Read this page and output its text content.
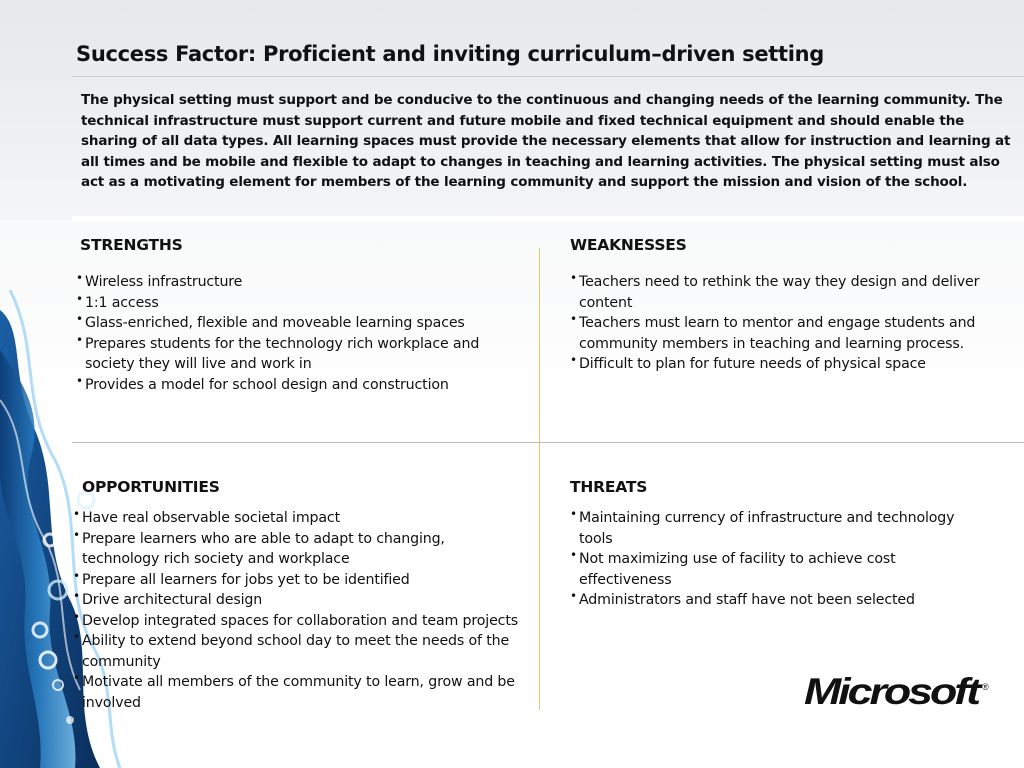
Success Factor: Proficient and inviting curriculum–driven setting
The physical setting must support and be conducive to the continuous and changing needs of the learning community. The technical infrastructure must support current and future mobile and fixed technical equipment and should enable the sharing of all data types. All learning spaces must provide the necessary elements that allow for instruction and learning at all times and be mobile and flexible to adapt to changes in teaching and learning activities. The physical setting must also act as a motivating element for members of the learning community and support the mission and vision of the school.
STRENGTHS
• Wireless infrastructure
• 1:1 access
• Glass-enriched, flexible and moveable learning spaces
• Prepares students for the technology rich workplace and society they will live and work in
• Provides a model for school design and construction
WEAKNESSES
• Teachers need to rethink the way they design and deliver content
• Teachers must learn to mentor and engage students and community members in teaching and learning process.
• Difficult to plan for future needs of physical space
OPPORTUNITIES
• Have real observable societal impact
• Prepare learners who are able to adapt to changing, technology rich society and workplace
• Prepare all learners for jobs yet to be identified
• Drive architectural design
• Develop integrated spaces for collaboration and team projects
• Ability to extend beyond school day to meet the needs of the community
• Motivate all members of the community to learn, grow and be involved
THREATS
• Maintaining currency of infrastructure and technology tools
• Not maximizing use of facility to achieve cost effectiveness
• Administrators and staff have not been selected
Microsoft
®
